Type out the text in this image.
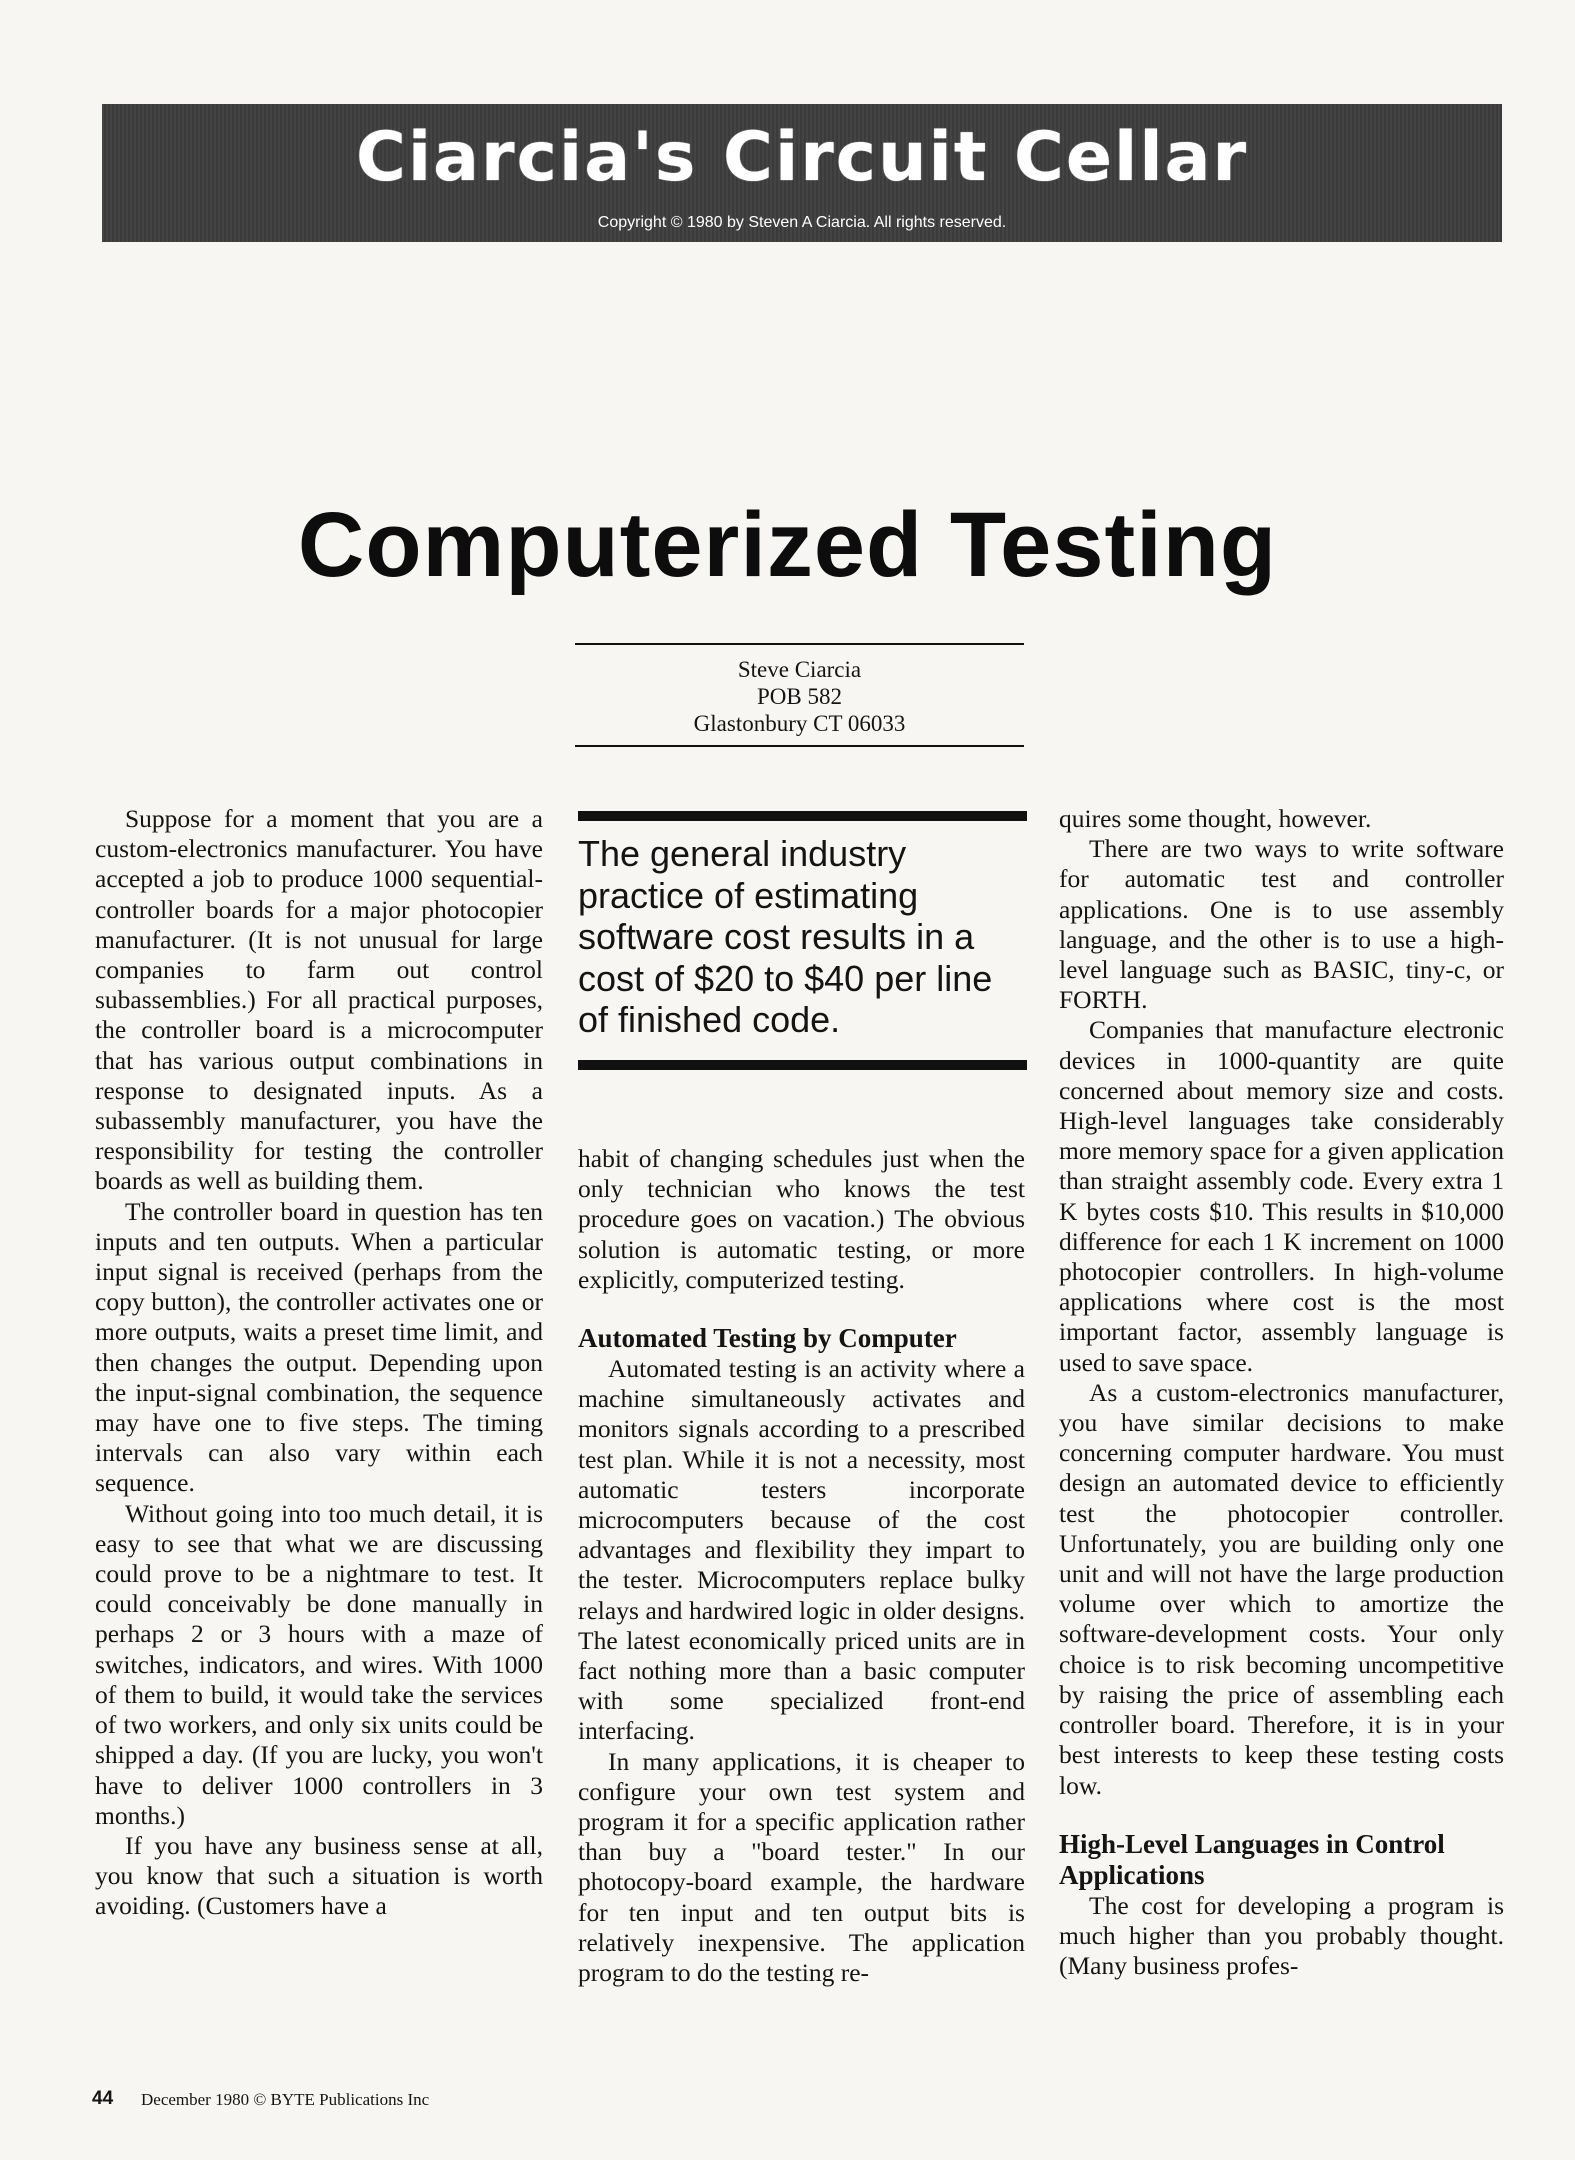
Ciarcia's Circuit Cellar
Copyright © 1980 by Steven A Ciarcia. All rights reserved.
Computerized Testing
Steve Ciarcia
POB 582
Glastonbury CT 06033

Suppose for a moment that you are a custom-electronics manufacturer. You have accepted a job to produce 1000 sequential-controller boards for a major photocopier manufacturer. (It is not unusual for large companies to farm out control subassemblies.) For all practical purposes, the controller board is a microcomputer that has various output combinations in response to designated inputs. As a subassembly manufacturer, you have the responsibility for testing the controller boards as well as building them.

The controller board in question has ten inputs and ten outputs. When a particular input signal is received (perhaps from the copy button), the controller activates one or more outputs, waits a preset time limit, and then changes the output. Depending upon the input-signal combination, the sequence may have one to five steps. The timing intervals can also vary within each sequence.

Without going into too much detail, it is easy to see that what we are discussing could prove to be a nightmare to test. It could conceivably be done manually in perhaps 2 or 3 hours with a maze of switches, indicators, and wires. With 1000 of them to build, it would take the services of two workers, and only six units could be shipped a day. (If you are lucky, you won't have to deliver 1000 controllers in 3 months.)

If you have any business sense at all, you know that such a situation is worth avoiding. (Customers have a

The general industry practice of estimating software cost results in a cost of $20 to $40 per line of finished code.

habit of changing schedules just when the only technician who knows the test procedure goes on vacation.) The obvious solution is automatic testing, or more explicitly, computerized testing.

Automated Testing by Computer

Automated testing is an activity where a machine simultaneously activates and monitors signals according to a prescribed test plan. While it is not a necessity, most automatic testers incorporate microcomputers because of the cost advantages and flexibility they impart to the tester. Microcomputers replace bulky relays and hardwired logic in older designs. The latest economically priced units are in fact nothing more than a basic computer with some specialized front-end interfacing.

In many applications, it is cheaper to configure your own test system and program it for a specific application rather than buy a "board tester." In our photocopy-board example, the hardware for ten input and ten output bits is relatively inexpensive. The application program to do the testing re-

quires some thought, however.

There are two ways to write software for automatic test and controller applications. One is to use assembly language, and the other is to use a high-level language such as BASIC, tiny-c, or FORTH.

Companies that manufacture electronic devices in 1000-quantity are quite concerned about memory size and costs. High-level languages take considerably more memory space for a given application than straight assembly code. Every extra 1 K bytes costs $10. This results in $10,000 difference for each 1 K increment on 1000 photocopier controllers. In high-volume applications where cost is the most important factor, assembly language is used to save space.

As a custom-electronics manufacturer, you have similar decisions to make concerning computer hardware. You must design an automated device to efficiently test the photocopier controller. Unfortunately, you are building only one unit and will not have the large production volume over which to amortize the software-development costs. Your only choice is to risk becoming uncompetitive by raising the price of assembling each controller board. Therefore, it is in your best interests to keep these testing costs low.

High-Level Languages in Control Applications

The cost for developing a program is much higher than you probably thought. (Many business profes-

44 December 1980 © BYTE Publications Inc
